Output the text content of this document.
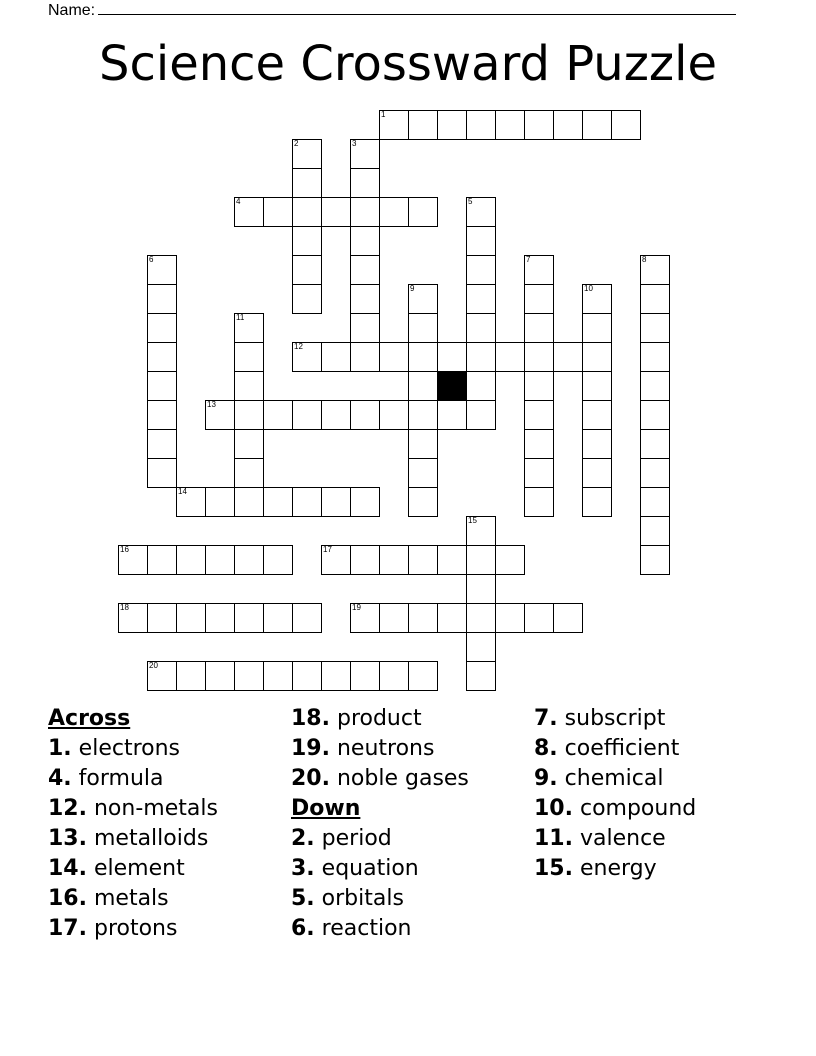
Name:
Science Crossward Puzzle
1
2	3
4	5
6	7	8
9	10
11
12
13
14
15
16	17
18	19
20
Across
1. electrons
4. formula
12. non-metals
13. metalloids
14. element
16. metals
17. protons
18. product
19. neutrons
20. noble gases
Down
2. period
3. equation
5. orbitals
6. reaction
7. subscript
8. coefficient
9. chemical
10. compound
11. valence
15. energy
